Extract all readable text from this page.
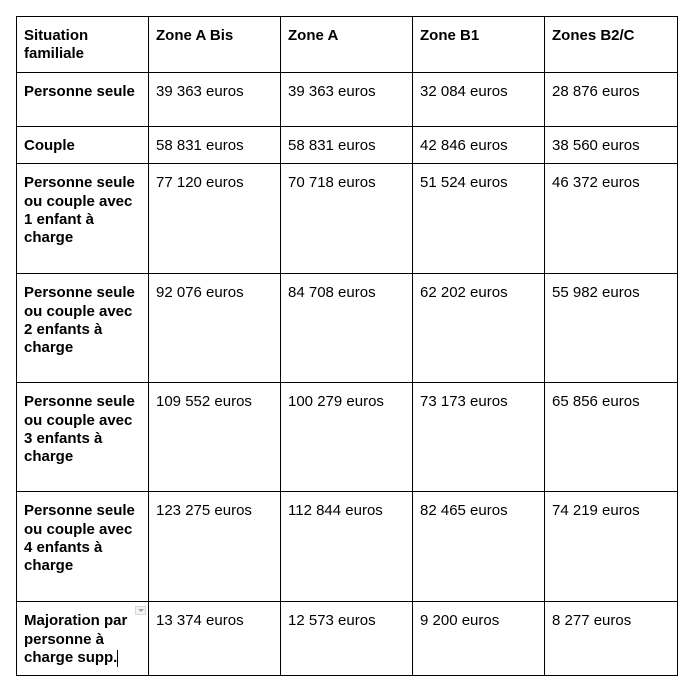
Situation familiale	Zone A Bis	Zone A	Zone B1	Zones B2/C
Personne seule	39 363 euros	39 363 euros	32 084 euros	28 876 euros
Couple	58 831 euros	58 831 euros	42 846 euros	38 560 euros
Personne seule ou couple avec 1 enfant à charge	77 120 euros	70 718 euros	51 524 euros	46 372 euros
Personne seule ou couple avec 2 enfants à charge	92 076 euros	84 708 euros	62 202 euros	55 982 euros
Personne seule ou couple avec 3 enfants à charge	109 552 euros	100 279 euros	73 173 euros	65 856 euros
Personne seule ou couple avec 4 enfants à charge	123 275 euros	112 844 euros	82 465 euros	74 219 euros
Majoration par personne à charge supp.	13 374 euros	12 573 euros	9 200 euros	8 277 euros
